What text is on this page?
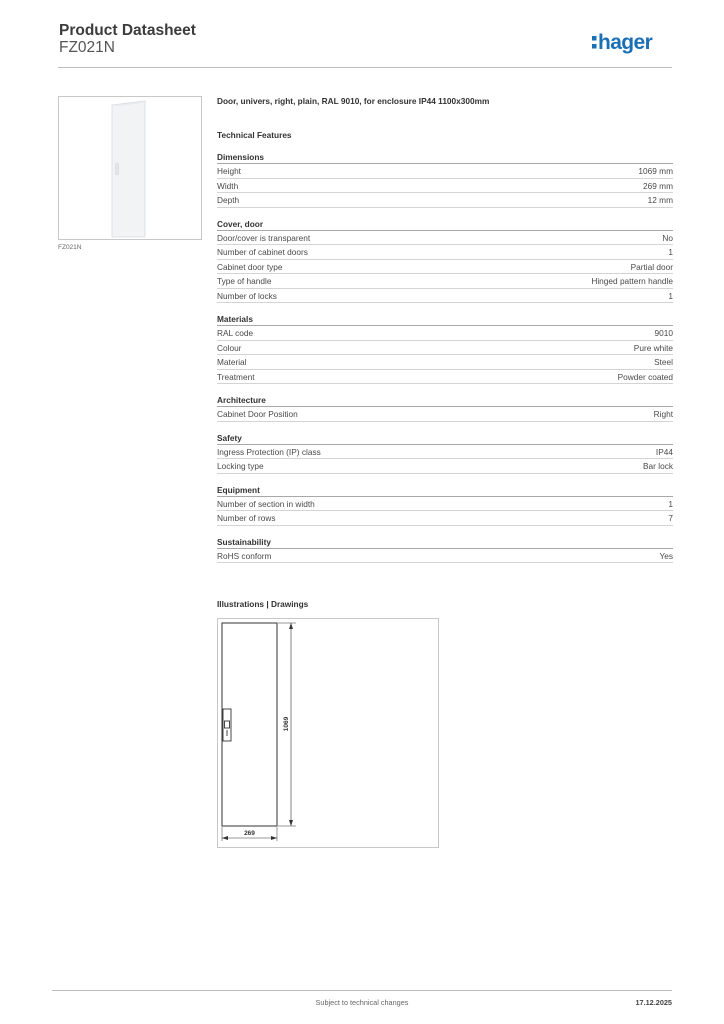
Product Datasheet
FZ021N	hager
FZ021N
Door, univers, right, plain, RAL 9010, for enclosure IP44 1100x300mm
Technical Features
Dimensions
Height	1069 mm
Width	269 mm
Depth	12 mm
Cover, door
Door/cover is transparent	No
Number of cabinet doors	1
Cabinet door type	Partial door
Type of handle	Hinged pattern handle
Number of locks	1
Materials
RAL code	9010
Colour	Pure white
Material	Steel
Treatment	Powder coated
Architecture
Cabinet Door Position	Right
Safety
Ingress Protection (IP) class	IP44
Locking type	Bar lock
Equipment
Number of section in width	1
Number of rows	7
Sustainability
RoHS conform	Yes
Illustrations | Drawings
1069
269
Subject to technical changes	17.12.2025
